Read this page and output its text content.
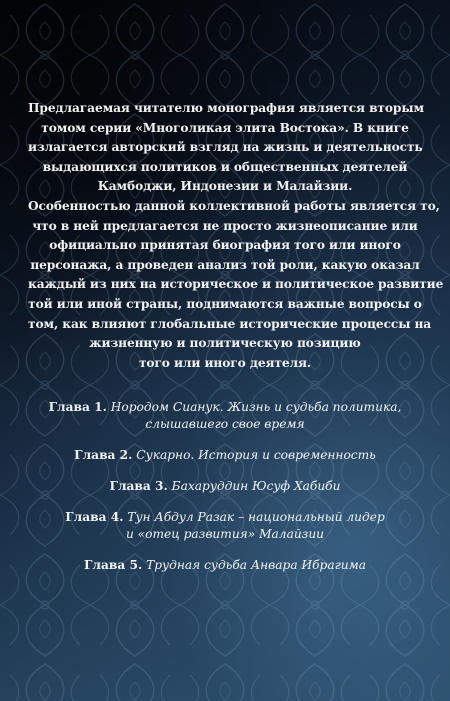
Предлагаемая читателю монография является вторым
томом серии «Многоликая элита Востока». В книге
излагается авторский взгляд на жизнь и деятельность
выдающихся политиков и общественных деятелей
Камбоджи, Индонезии и Малайзии.
Особенностью данной коллективной работы является то,
что в ней предлагается не просто жизнеописание или
официально принятая биография того или иного
персонажа, а проведен анализ той роли, какую оказал
каждый из них на историческое и политическое развитие
той или иной страны, поднимаются важные вопросы о
том, как влияют глобальные исторические процессы на
жизненную и политическую позицию
того или иного деятеля.
Глава 1. Нородом Сианук. Жизнь и судьба политика,
слышавшего свое время
Глава 2. Сукарно. История и современность
Глава 3. Бахаруддин Юсуф Хабиби
Глава 4. Тун Абдул Разак – национальный лидер
и «отец развития» Малайзии
Глава 5. Трудная судьба Анвара Ибрагима
